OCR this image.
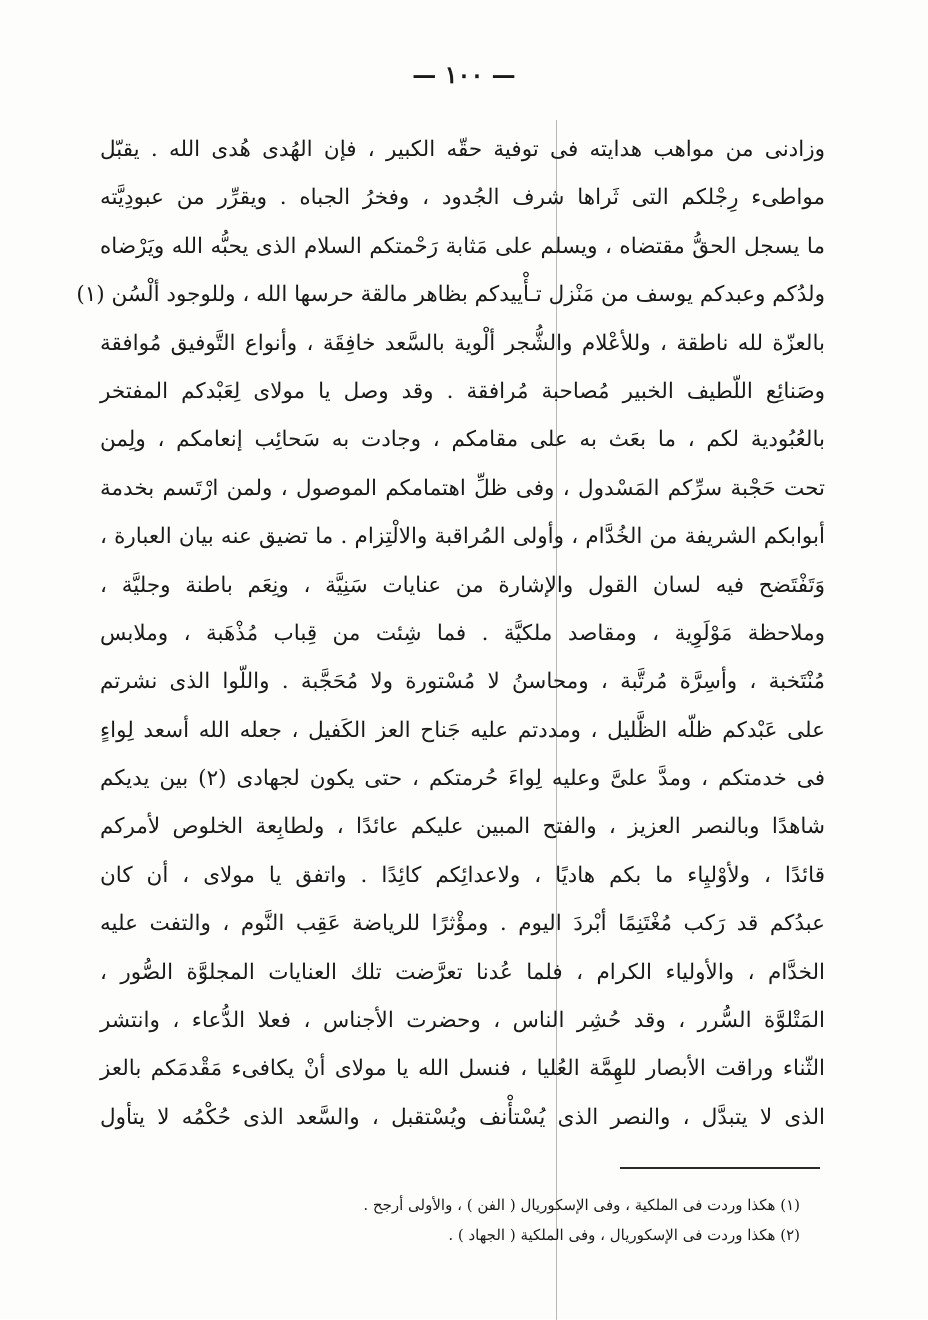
— ١٠٠ —
وزادنى من مواهب هدايته فى توفية حقّه الكبير ، فإن الهُدى هُدى الله . يقبّل
مواطىء رِجْلكم التى ثَراها شرف الجُدود ، وفخرُ الجباه . ويقرِّر من عبودِيَّته
ما يسجل الحقُّ مقتضاه ، ويسلم على مَثابة رَحْمتكم السلام الذى يحبُّه الله ويَرْضاه
ولدُكم وعبدكم يوسف من مَنْزل تـأْييدكم بظاهر مالقة حرسها الله ، وللوجود ألْسُن (١)
بالعزّة لله ناطقة ، وللأعْلام والشُّجر ألْوية بالسَّعد خافِقَة ، وأنواع التَّوفيق مُوافقة
وصَنائِع اللّطيف الخبير مُصاحبة مُرافقة . وقد وصل يا مولاى لِعَبْدكم المفتخر
بالعُبُودية لكم ، ما بعَث به على مقامكم ، وجادت به سَحائِب إنعامكم ، ولِمن
تحت حَجْبة سرِّكم المَسْدول ، وفى ظلِّ اهتمامكم الموصول ، ولمن ارْتَسم بخدمة
أبوابكم الشريفة من الخُدَّام ، وأولى المُراقبة والالْتِزام . ما تضيق عنه بيان العبارة ،
وَتَفْتَضح فيه لسان القول والإشارة من عنايات سَنِيَّة ، ونِعَم باطنة وجليَّة ،
وملاحظة مَوْلَوِية ، ومقاصد ملكيَّة . فما شِئت من قِباب مُذْهَبة ، وملابس
مُنْتَخبة ، وأسِرَّة مُرتَّبة ، ومحاسنُ لا مُسْتورة ولا مُحَجَّبة . واللّوا الذى نشرتم
على عَبْدكم ظلّه الظَّليل ، ومددتم عليه جَناح العز الكَفيل ، جعله الله أسعد لِواءٍ
فى خدمتكم ، ومدَّ علىَّ وعليه لِواءَ حُرمتكم ، حتى يكون لجهادى (٢) بين يديكم
شاهدًا وبالنصر العزيز ، والفتح المبين عليكم عائدًا ، ولطابِعة الخلوص لأمركم
قائدًا ، ولأوْليِاء ما بكم هاديًا ، ولاعدائِكم كائِدًا . واتفق يا مولاى ، أن كان
عبدُكم قد رَكب مُغْتَنِمًا أبْردَ اليوم . ومؤْثرًا للرياضة عَقِب النَّوم ، والتفت عليه
الخدَّام ، والأولياء الكرام ، فلما عُدنا تعرَّضت تلك العنايات المجلوَّة الصُّور ،
المَتْلوَّة السُّرر ، وقد حُشِر الناس ، وحضرت الأجناس ، فعلا الدُّعاء ، وانتشر
الثّناء وراقت الأبصار للهِمَّة العُليا ، فنسل الله يا مولاى أنْ يكافىء مَقْدمَكم بالعز
الذى لا يتبدَّل ، والنصر الذى يُسْتأْنف ويُسْتقبل ، والسَّعد الذى حُكْمُه لا يتأول
(١) هكذا وردت فى الملكية ، وفى الإسكوريال ( الفن ) ، والأولى أرجح .
(٢) هكذا وردت فى الإسكوريال ، وفى الملكية ( الجهاد ) .
